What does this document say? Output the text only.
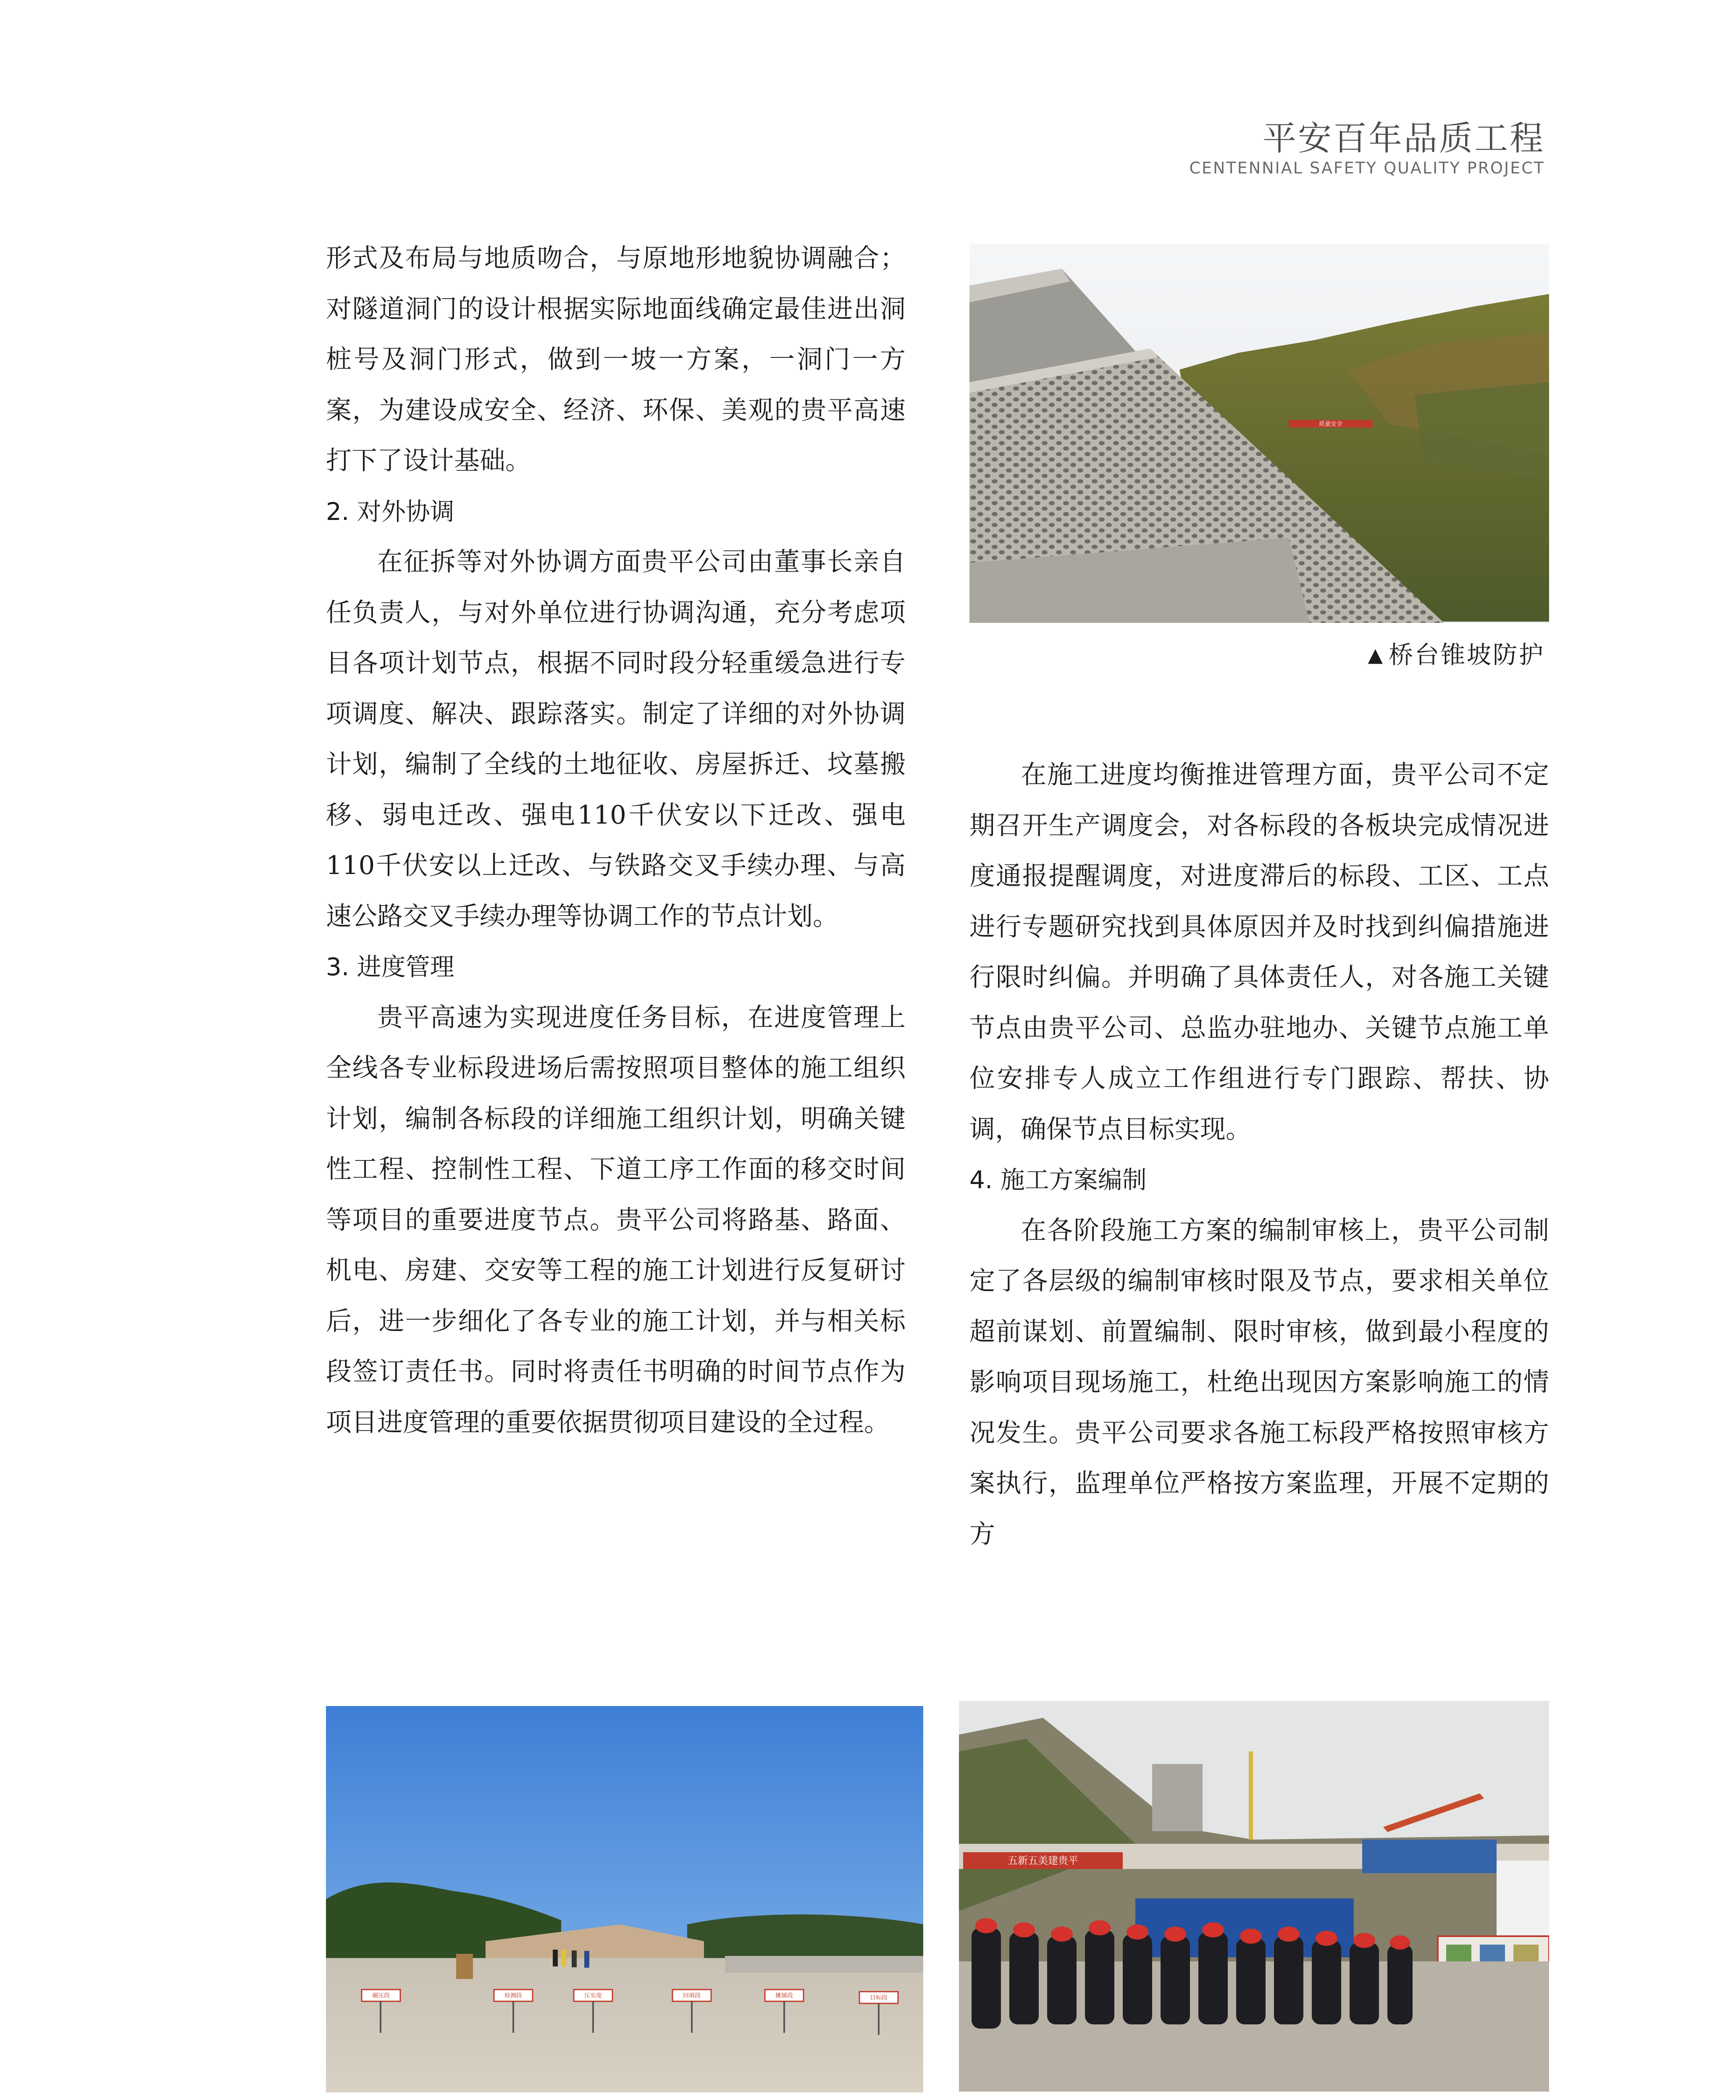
平安百年品质工程
CENTENNIAL SAFETY QUALITY PROJECT

形式及布局与地质吻合，与原地形地貌协调融合；对隧道洞门的设计根据实际地面线确定最佳进出洞桩号及洞门形式，做到一坡一方案，一洞门一方案，为建设成安全、经济、环保、美观的贵平高速打下了设计基础。

2. 对外协调

在征拆等对外协调方面贵平公司由董事长亲自任负责人，与对外单位进行协调沟通，充分考虑项目各项计划节点，根据不同时段分轻重缓急进行专项调度、解决、跟踪落实。制定了详细的对外协调计划，编制了全线的土地征收、房屋拆迁、坟墓搬移、弱电迁改、强电110千伏安以下迁改、强电110千伏安以上迁改、与铁路交叉手续办理、与高速公路交叉手续办理等协调工作的节点计划。

3. 进度管理

贵平高速为实现进度任务目标，在进度管理上全线各专业标段进场后需按照项目整体的施工组织计划，编制各标段的详细施工组织计划，明确关键性工程、控制性工程、下道工序工作面的移交时间等项目的重要进度节点。贵平公司将路基、路面、机电、房建、交安等工程的施工计划进行反复研讨后，进一步细化了各专业的施工计划，并与相关标段签订责任书。同时将责任书明确的时间节点作为项目进度管理的重要依据贯彻项目建设的全过程。

质量安全
▲ 桥台锥坡防护

在施工进度均衡推进管理方面，贵平公司不定期召开生产调度会，对各标段的各板块完成情况进度通报提醒调度，对进度滞后的标段、工区、工点进行专题研究找到具体原因并及时找到纠偏措施进行限时纠偏。并明确了具体责任人，对各施工关键节点由贵平公司、总监办驻地办、关键节点施工单位安排专人成立工作组进行专门跟踪、帮扶、协调，确保节点目标实现。

4. 施工方案编制

在各阶段施工方案的编制审核上，贵平公司制定了各层级的编制审核时限及节点，要求相关单位超前谋划、前置编制、限时审核，做到最小程度的影响项目现场施工，杜绝出现因方案影响施工的情况发生。贵平公司要求各施工标段严格按照审核方案执行，监理单位严格按方案监理，开展不定期的方

碾压段	检测段	压实度	回填段	摊铺段	目标段
五新五美建贵平
